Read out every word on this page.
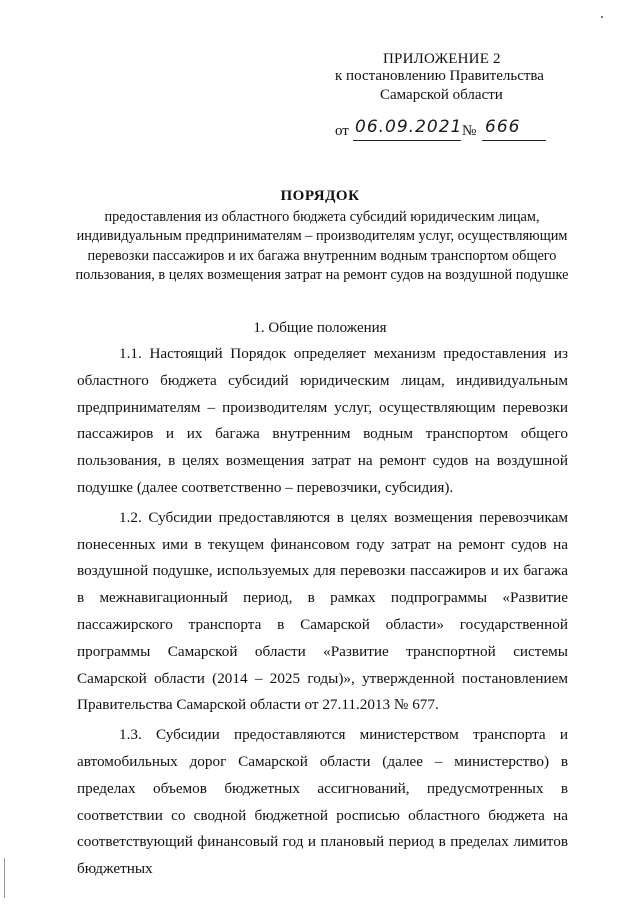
ПРИЛОЖЕНИЕ 2
к постановлению Правительства
Самарской области
от 06.09.2021 № 666
ПОРЯДОК
предоставления из областного бюджета субсидий юридическим лицам, индивидуальным предпринимателям – производителям услуг, осуществляющим перевозки пассажиров и их багажа внутренним водным транспортом общего пользования, в целях возмещения затрат на ремонт судов на воздушной подушке
1. Общие положения

1.1. Настоящий Порядок определяет механизм предоставления из областного бюджета субсидий юридическим лицам, индивидуальным предпринимателям – производителям услуг, осуществляющим перевозки пассажиров и их багажа внутренним водным транспортом общего пользования, в целях возмещения затрат на ремонт судов на воздушной подушке (далее соответственно – перевозчики, субсидия).

1.2. Субсидии предоставляются в целях возмещения перевозчикам понесенных ими в текущем финансовом году затрат на ремонт судов на воздушной подушке, используемых для перевозки пассажиров и их багажа в межнавигационный период, в рамках подпрограммы «Развитие пассажирского транспорта в Самарской области» государственной программы Самарской области «Развитие транспортной системы Самарской области (2014 – 2025 годы)», утвержденной постановлением Правительства Самарской области от 27.11.2013 № 677.

1.3. Субсидии предоставляются министерством транспорта и автомобильных дорог Самарской области (далее – министерство) в пределах объемов бюджетных ассигнований, предусмотренных в соответствии со сводной бюджетной росписью областного бюджета на соответствующий финансовый год и плановый период в пределах лимитов бюджетных
